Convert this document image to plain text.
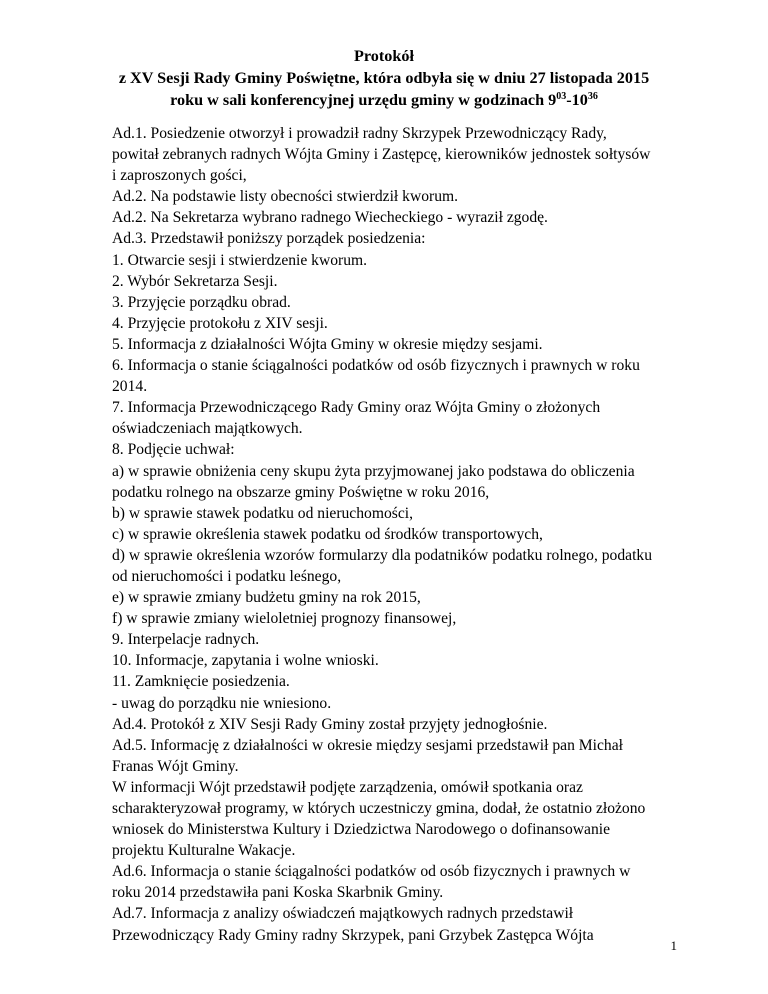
Protokół
z XV Sesji Rady Gminy Poświętne, która odbyła się w dniu 27 listopada 2015
roku w sali konferencyjnej urzędu gminy w godzinach $9^{03}-10^{36}$
Ad.1. Posiedzenie otworzył i prowadził radny Skrzypek Przewodniczący Rady,
powitał zebranych radnych Wójta Gminy i Zastępcę, kierowników jednostek sołtysów
i zaproszonych gości,
Ad.2. Na podstawie listy obecności stwierdził kworum.
Ad.2. Na Sekretarza wybrano radnego Wiecheckiego - wyraził zgodę.
Ad.3. Przedstawił poniższy porządek posiedzenia:
1. Otwarcie sesji i stwierdzenie kworum.
2. Wybór Sekretarza Sesji.
3. Przyjęcie porządku obrad.
4. Przyjęcie protokołu z XIV sesji.
5. Informacja z działalności Wójta Gminy w okresie między sesjami.
6. Informacja o stanie ściągalności podatków od osób fizycznych i prawnych w roku
2014.
7. Informacja Przewodniczącego Rady Gminy oraz Wójta Gminy o złożonych
oświadczeniach majątkowych.
8. Podjęcie uchwał:
a) w sprawie obniżenia ceny skupu żyta przyjmowanej jako podstawa do obliczenia
podatku rolnego na obszarze gminy Poświętne w roku 2016,
b) w sprawie stawek podatku od nieruchomości,
c) w sprawie określenia stawek podatku od środków transportowych,
d) w sprawie określenia wzorów formularzy dla podatników podatku rolnego, podatku
od nieruchomości i podatku leśnego,
e) w sprawie zmiany budżetu gminy na rok 2015,
f) w sprawie zmiany wieloletniej prognozy finansowej,
9. Interpelacje radnych.
10. Informacje, zapytania i wolne wnioski.
11. Zamknięcie posiedzenia.
- uwag do porządku nie wniesiono.
Ad.4. Protokół z XIV Sesji Rady Gminy został przyjęty jednogłośnie.
Ad.5. Informację z działalności w okresie między sesjami przedstawił pan Michał
Franas Wójt Gminy.
W informacji Wójt przedstawił podjęte zarządzenia, omówił spotkania oraz
scharakteryzował programy, w których uczestniczy gmina, dodał, że ostatnio złożono
wniosek do Ministerstwa Kultury i Dziedzictwa Narodowego o dofinansowanie
projektu Kulturalne Wakacje.
Ad.6. Informacja o stanie ściągalności podatków od osób fizycznych i prawnych w
roku 2014 przedstawiła pani Koska Skarbnik Gminy.
Ad.7. Informacja z analizy oświadczeń majątkowych radnych przedstawił
Przewodniczący Rady Gminy radny Skrzypek, pani Grzybek Zastępca Wójta
1
